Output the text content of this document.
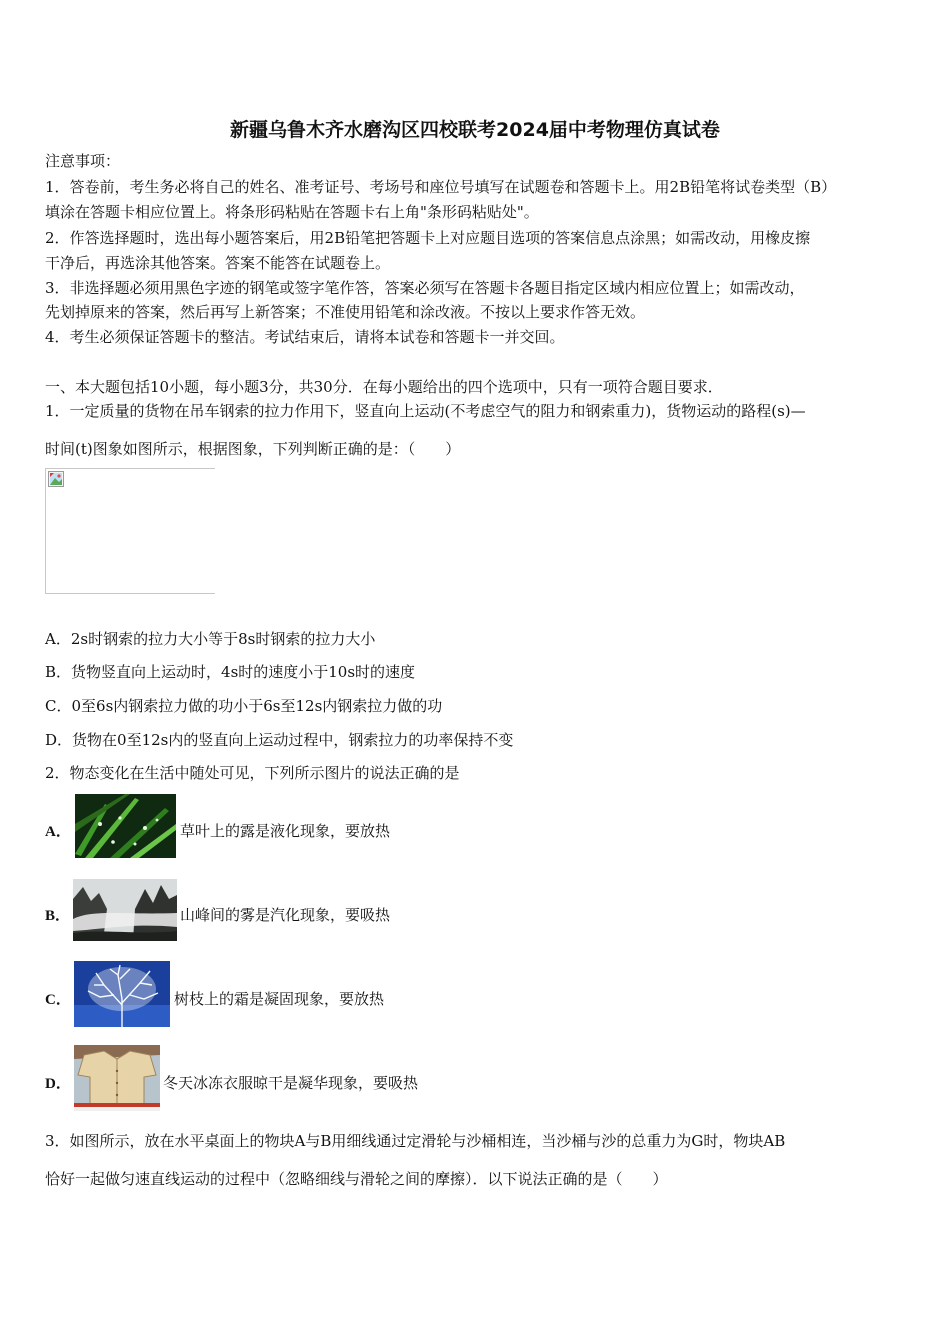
新疆乌鲁木齐水磨沟区四校联考2024届中考物理仿真试卷
注意事项：
1．答卷前，考生务必将自己的姓名、准考证号、考场号和座位号填写在试题卷和答题卡上。用2B铅笔将试卷类型（B）
填涂在答题卡相应位置上。将条形码粘贴在答题卡右上角"条形码粘贴处"。
2．作答选择题时，选出每小题答案后，用2B铅笔把答题卡上对应题目选项的答案信息点涂黑；如需改动，用橡皮擦
干净后，再选涂其他答案。答案不能答在试题卷上。
3．非选择题必须用黑色字迹的钢笔或签字笔作答，答案必须写在答题卡各题目指定区域内相应位置上；如需改动，
先划掉原来的答案，然后再写上新答案；不准使用铅笔和涂改液。不按以上要求作答无效。
4．考生必须保证答题卡的整洁。考试结束后，请将本试卷和答题卡一并交回。
一、本大题包括10小题，每小题3分，共30分．在每小题给出的四个选项中，只有一项符合题目要求．
1．一定质量的货物在吊车钢索的拉力作用下，竖直向上运动(不考虑空气的阻力和钢索重力)，货物运动的路程(s)—
时间(t)图象如图所示，根据图象，下列判断正确的是：（　　）
A．2s时钢索的拉力大小等于8s时钢索的拉力大小
B．货物竖直向上运动时，4s时的速度小于10s时的速度
C．0至6s内钢索拉力做的功小于6s至12s内钢索拉力做的功
D．货物在0至12s内的竖直向上运动过程中，钢索拉力的功率保持不变
2．物态变化在生活中随处可见，下列所示图片的说法正确的是
A．	草叶上的露是液化现象，要放热
B．	山峰间的雾是汽化现象，要吸热
C．	树枝上的霜是凝固现象，要放热
D．	冬天冰冻衣服晾干是凝华现象，要吸热
3．如图所示，放在水平桌面上的物块A与B用细线通过定滑轮与沙桶相连，当沙桶与沙的总重力为G时，物块AB
恰好一起做匀速直线运动的过程中（忽略细线与滑轮之间的摩擦）．以下说法正确的是（　　）
